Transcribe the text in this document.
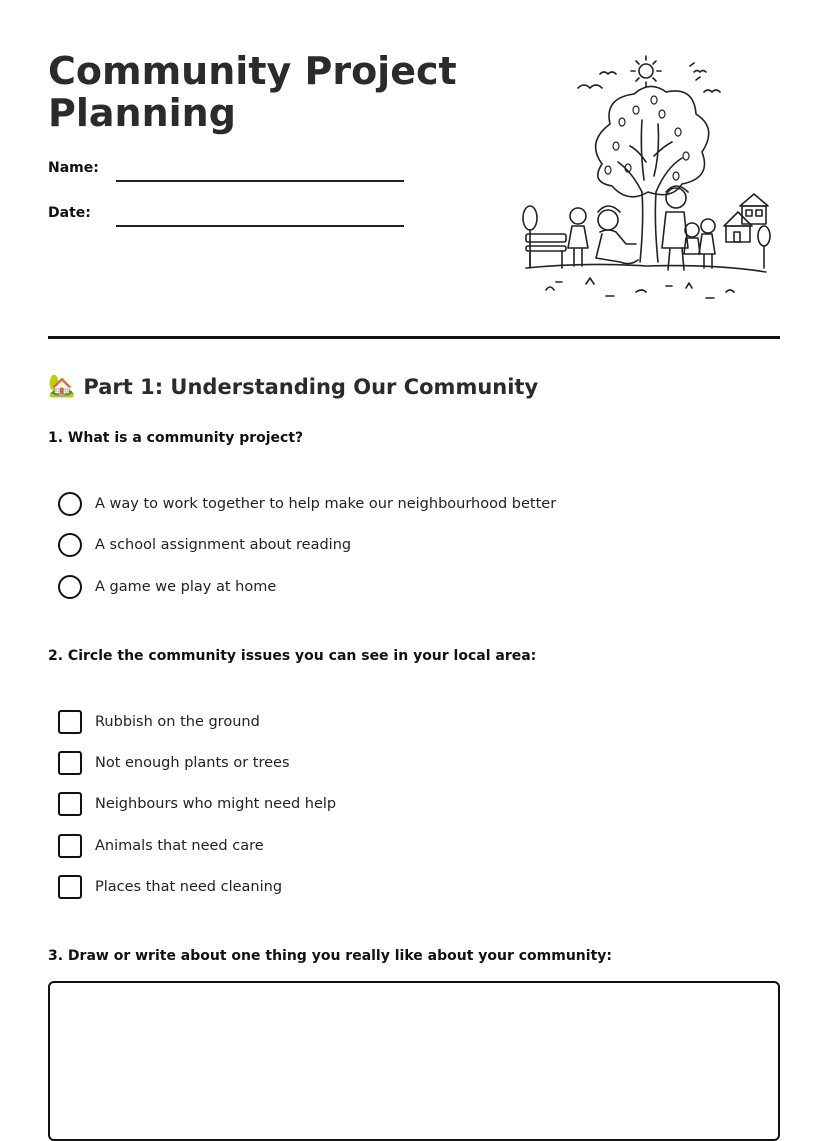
Community Project Planning
Name:
Date:
🏡 Part 1: Understanding Our Community
1. What is a community project?
A way to work together to help make our neighbourhood better
A school assignment about reading
A game we play at home
2. Circle the community issues you can see in your local area:
Rubbish on the ground
Not enough plants or trees
Neighbours who might need help
Animals that need care
Places that need cleaning
3. Draw or write about one thing you really like about your community:
